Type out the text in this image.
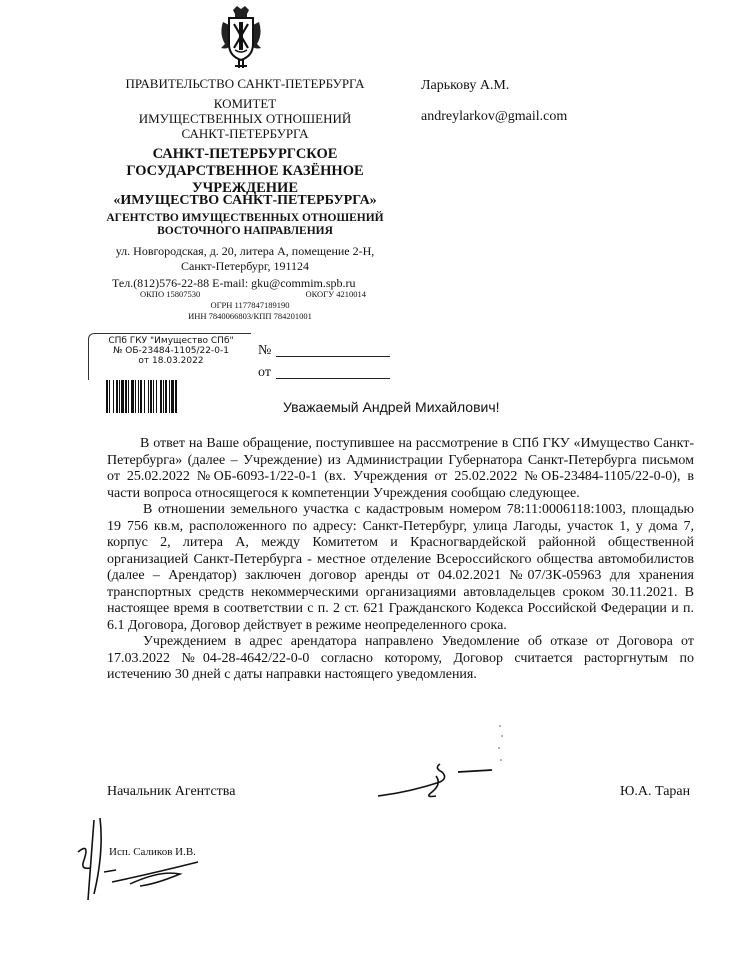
ПРАВИТЕЛЬСТВО САНКТ-ПЕТЕРБУРГА
КОМИТЕТ
ИМУЩЕСТВЕННЫХ ОТНОШЕНИЙ
САНКТ-ПЕТЕРБУРГА
САНКТ-ПЕТЕРБУРГСКОЕ
ГОСУДАРСТВЕННОЕ КАЗЁННОЕ
УЧРЕЖДЕНИЕ
«ИМУЩЕСТВО САНКТ-ПЕТЕРБУРГА»
АГЕНТСТВО ИМУЩЕСТВЕННЫХ ОТНОШЕНИЙ
ВОСТОЧНОГО НАПРАВЛЕНИЯ
ул. Новгородская, д. 20, литера А, помещение 2-Н,
Санкт-Петербург, 191124
Тел.(812)576-22-88 E-mail: gku@commim.spb.ru
ОКПО 15807530	ОКОГУ 4210014
ОГРН 1177847189190
ИНН 7840066803/КПП 784201001
Ларькову А.М.
andreylarkov@gmail.com
СПб ГКУ "Имущество СПб"
№ ОБ-23484-1105/22-0-1
от 18.03.2022
№
от
Уважаемый Андрей Михайлович!

В ответ на Ваше обращение, поступившее на рассмотрение в СПб ГКУ «Имущество Санкт-Петербурга» (далее – Учреждение) из Администрации Губернатора Санкт-Петербурга письмом от 25.02.2022 №ОБ-6093-1/22-0-1 (вх. Учреждения от 25.02.2022 №ОБ-23484-1105/22-0-0), в части вопроса относящегося к компетенции Учреждения сообщаю следующее.

В отношении земельного участка с кадастровым номером 78:11:0006118:1003, площадью 19 756 кв.м, расположенного по адресу: Санкт-Петербург, улица Лагоды, участок 1, у дома 7, корпус 2, литера А, между Комитетом и Красногвардейской районной общественной организацией Санкт-Петербурга - местное отделение Всероссийского общества автомобилистов (далее – Арендатор) заключен договор аренды от 04.02.2021 №07/ЗК-05963 для хранения транспортных средств некоммерческими организациями автовладельцев сроком 30.11.2021. В настоящее время в соответствии с п. 2 ст. 621 Гражданского Кодекса Российской Федерации и п. 6.1 Договора, Договор действует в режиме неопределенного срока.

Учреждением в адрес арендатора направлено Уведомление об отказе от Договора от 17.03.2022 №04-28-4642/22-0-0 согласно которому, Договор считается расторгнутым по истечению 30 дней с даты направки настоящего уведомления.

Начальник Агентства	Ю.А. Таран
Исп. Саликов И.В.
